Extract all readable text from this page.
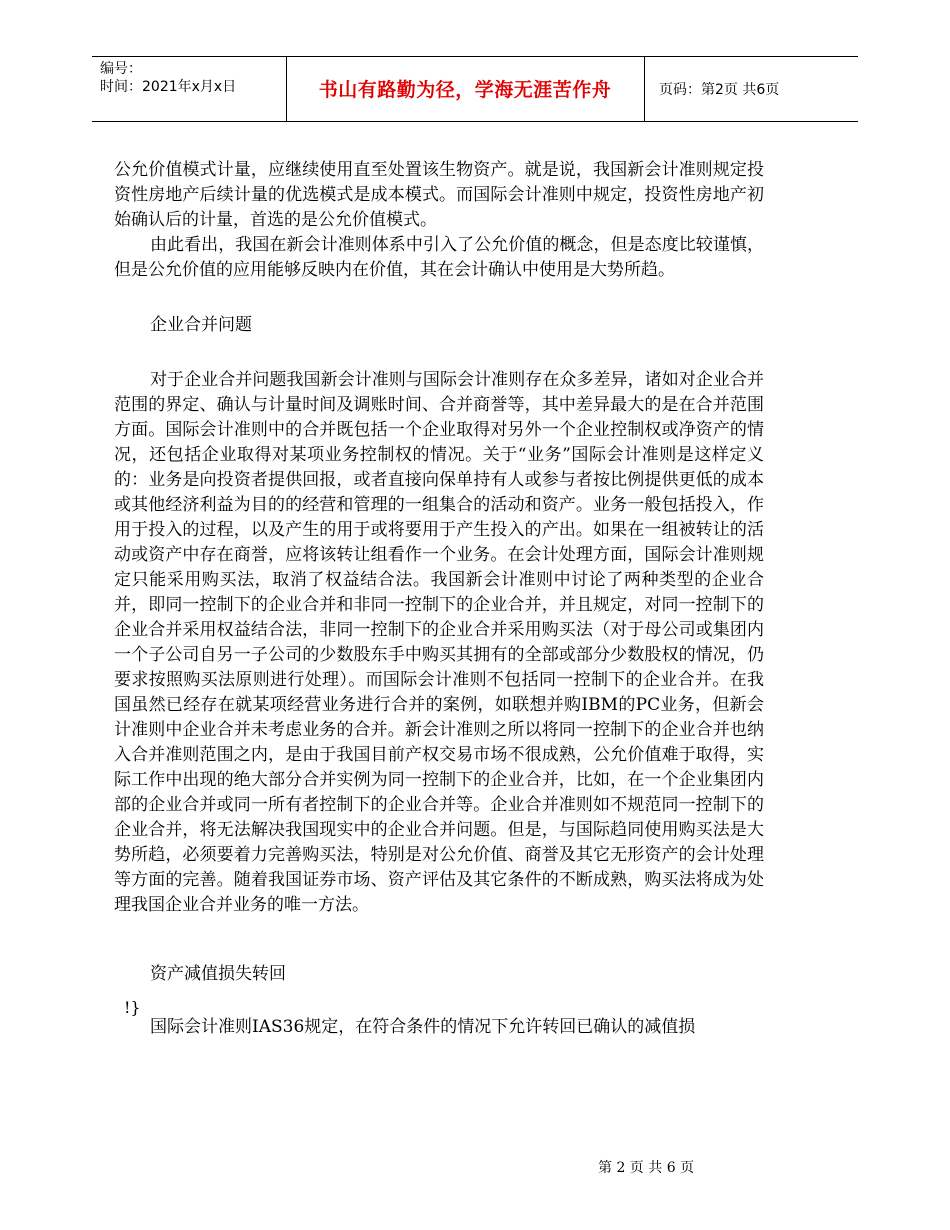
编号：
时间：2021年x月x日	书山有路勤为径，学海无涯苦作舟	页码：第2页 共6页

公允价值模式计量，应继续使用直至处置该生物资产。就是说，我国新会计准则规定投资性房地产后续计量的优选模式是成本模式。而国际会计准则中规定，投资性房地产初始确认后的计量，首选的是公允价值模式。

由此看出，我国在新会计准则体系中引入了公允价值的概念，但是态度比较谨慎，但是公允价值的应用能够反映内在价值，其在会计确认中使用是大势所趋。

企业合并问题

对于企业合并问题我国新会计准则与国际会计准则存在众多差异，诸如对企业合并范围的界定、确认与计量时间及调账时间、合并商誉等，其中差异最大的是在合并范围方面。国际会计准则中的合并既包括一个企业取得对另外一个企业控制权或净资产的情况，还包括企业取得对某项业务控制权的情况。关于“业务”国际会计准则是这样定义的：业务是向投资者提供回报，或者直接向保单持有人或参与者按比例提供更低的成本或其他经济利益为目的的经营和管理的一组集合的活动和资产。业务一般包括投入，作用于投入的过程，以及产生的用于或将要用于产生投入的产出。如果在一组被转让的活动或资产中存在商誉，应将该转让组看作一个业务。在会计处理方面，国际会计准则规定只能采用购买法，取消了权益结合法。我国新会计准则中讨论了两种类型的企业合并，即同一控制下的企业合并和非同一控制下的企业合并，并且规定，对同一控制下的企业合并采用权益结合法，非同一控制下的企业合并采用购买法（对于母公司或集团内一个子公司自另一子公司的少数股东手中购买其拥有的全部或部分少数股权的情况，仍要求按照购买法原则进行处理）。而国际会计准则不包括同一控制下的企业合并。在我国虽然已经存在就某项经营业务进行合并的案例，如联想并购IBM的PC业务，但新会计准则中企业合并未考虑业务的合并。新会计准则之所以将同一控制下的企业合并也纳入合并准则范围之内，是由于我国目前产权交易市场不很成熟，公允价值难于取得，实际工作中出现的绝大部分合并实例为同一控制下的企业合并，比如，在一个企业集团内部的企业合并或同一所有者控制下的企业合并等。企业合并准则如不规范同一控制下的企业合并，将无法解决我国现实中的企业合并问题。但是，与国际趋同使用购买法是大势所趋，必须要着力完善购买法，特别是对公允价值、商誉及其它无形资产的会计处理等方面的完善。随着我国证券市场、资产评估及其它条件的不断成熟，购买法将成为处理我国企业合并业务的唯一方法。

资产减值损失转回

国际会计准则IAS36规定，在符合条件的情况下允许转回已确认的减值损

!}
第 2 页 共 6 页
